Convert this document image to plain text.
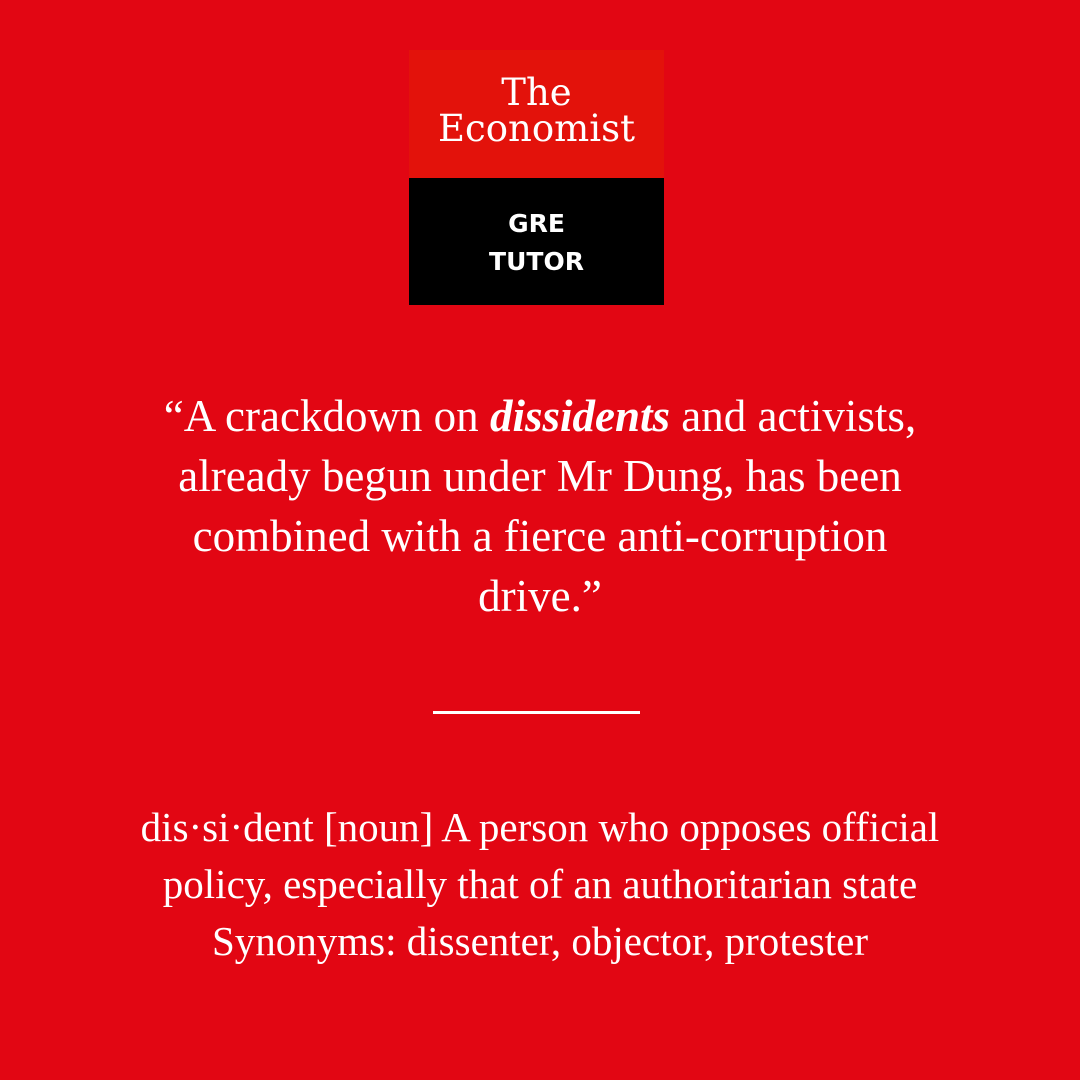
The
Economist
GRE
TUTOR
“A crackdown on dissidents and activists, already begun under Mr Dung, has been combined with a fierce anti-corruption drive.”
dis·si·dent [noun] A person who opposes official
policy, especially that of an authoritarian state
Synonyms: dissenter, objector, protester
